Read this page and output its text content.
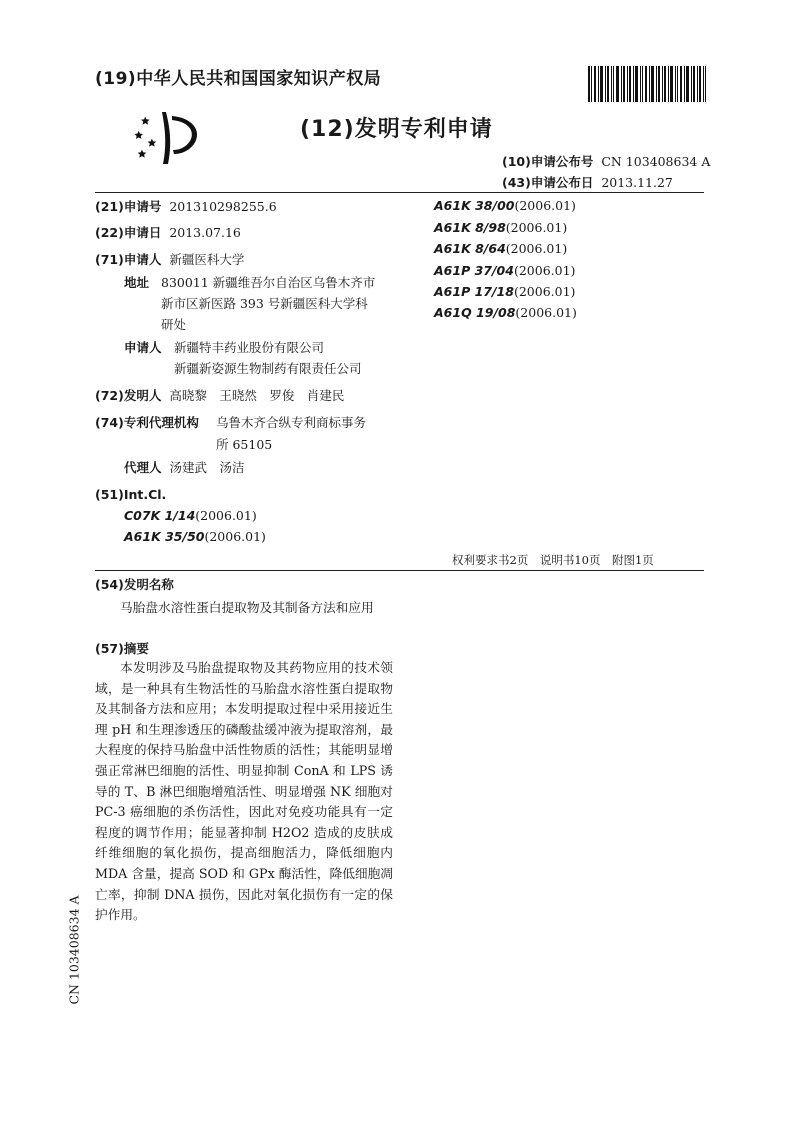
(19)中华人民共和国国家知识产权局
(12)发明专利申请
(10)申请公布号 CN 103408634 A
(43)申请公布日 2013.11.27
(21)申请号 201310298255.6
(22)申请日 2013.07.16
(71)申请人 新疆医科大学
地址 830011 新疆维吾尔自治区乌鲁木齐市
新市区新医路 393 号新疆医科大学科
研处
申请人 新疆特丰药业股份有限公司
新疆新姿源生物制药有限责任公司
(72)发明人 高晓黎　王晓然　罗俊　肖建民
(74)专利代理机构 乌鲁木齐合纵专利商标事务
所 65105
代理人 汤建武　汤洁
(51)Int.Cl.
C07K 1/14(2006.01)
A61K 35/50(2006.01)
A61K 38/00(2006.01)
A61K 8/98(2006.01)
A61K 8/64(2006.01)
A61P 37/04(2006.01)
A61P 17/18(2006.01)
A61Q 19/08(2006.01)
权利要求书2页　说明书10页　附图1页
(54)发明名称
马胎盘水溶性蛋白提取物及其制备方法和应用
(57)摘要
本发明涉及马胎盘提取物及其药物应用的技术领域，是一种具有生物活性的马胎盘水溶性蛋白提取物及其制备方法和应用；本发明提取过程中采用接近生理 pH 和生理渗透压的磷酸盐缓冲液为提取溶剂，最大程度的保持马胎盘中活性物质的活性；其能明显增强正常淋巴细胞的活性、明显抑制 ConA 和 LPS 诱导的 T、B 淋巴细胞增殖活性、明显增强 NK 细胞对 PC-3 癌细胞的杀伤活性，因此对免疫功能具有一定程度的调节作用；能显著抑制 H2O2 造成的皮肤成纤维细胞的氧化损伤，提高细胞活力，降低细胞内 MDA 含量，提高 SOD 和 GPx 酶活性，降低细胞凋亡率，抑制 DNA 损伤，因此对氧化损伤有一定的保护作用。
CN 103408634 A
